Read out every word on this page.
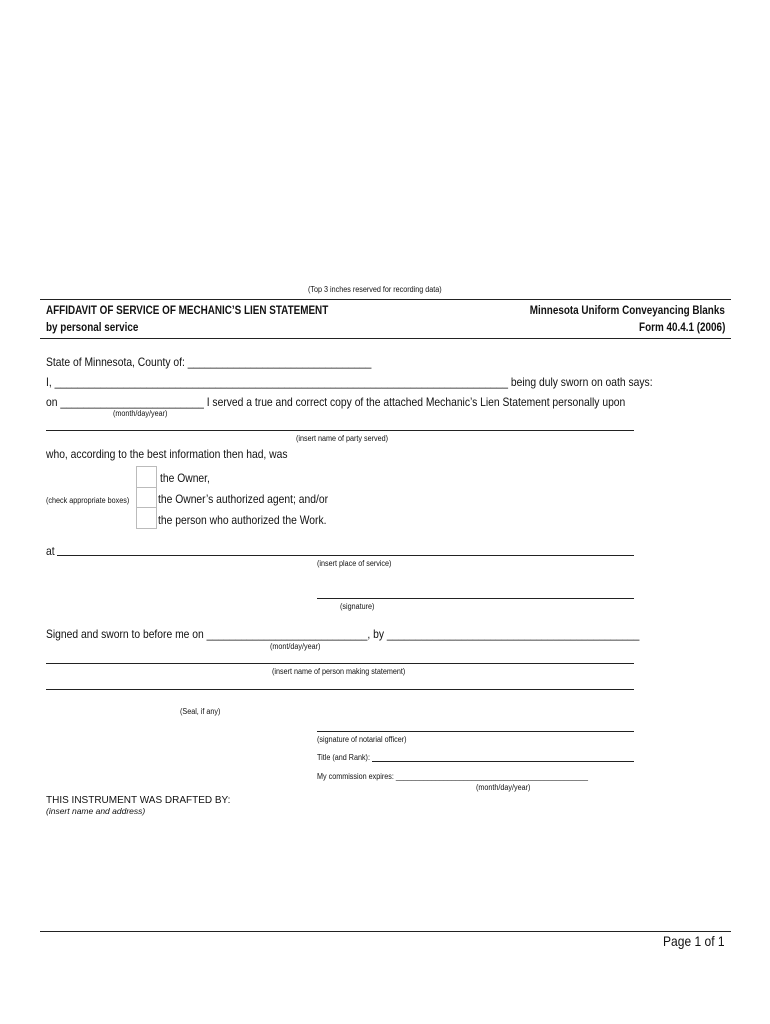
(Top 3 inches reserved for recording data)
AFFIDAVIT OF SERVICE OF MECHANIC’S LIEN STATEMENT
by personal service
Minnesota Uniform Conveyancing Blanks
Form 40.4.1 (2006)
State of Minnesota, County of: ________________________________
I, _______________________________________________________________________________ being duly sworn on oath says:
on _________________________ I served a true and correct copy of the attached Mechanic’s Lien Statement personally upon
(month/day/year)
(insert name of party served)
who, according to the best information then had, was
the Owner,
the Owner’s authorized agent; and/or
the person who authorized the Work.
(check appropriate boxes)
at
(insert place of service)
(signature)
Signed and sworn to before me on ____________________________, by ____________________________________________
(mont/day/year)
(insert name of person making statement)
(Seal, if any)
(signature of notarial officer)
Title (and Rank):
My commission expires: ________________________________________________
(month/day/year)
THIS INSTRUMENT WAS DRAFTED BY:
(insert name and address)
Page 1 of 1
